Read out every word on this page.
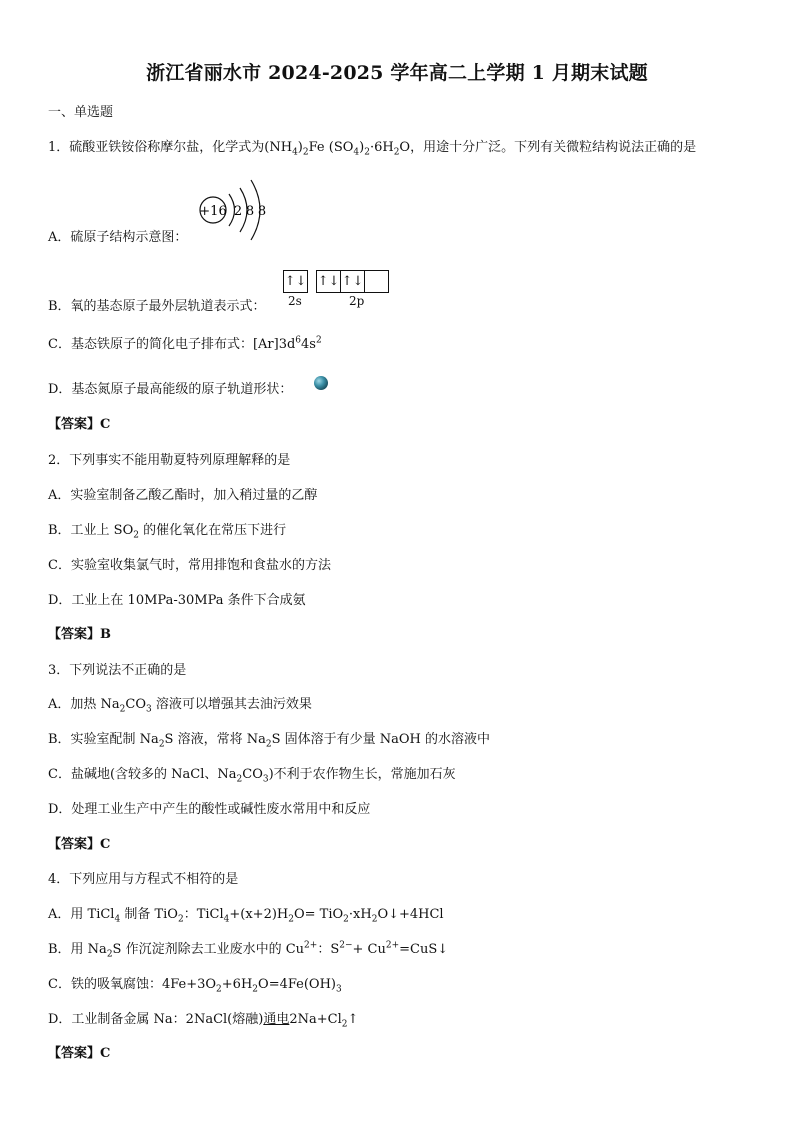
浙江省丽水市 2024-2025 学年高二上学期 1 月期末试题
一、单选题
1．硫酸亚铁铵俗称摩尔盐，化学式为$(NH_4)_2Fe$ $(SO_4)_2\cdot 6H_2O$，用途十分广泛。下列有关微粒结构说法正确的是
+16 2 8 8
A．硫原子结构示意图：
↑↓ ↑↓ ↑↓
2s	2p
B．氧的基态原子最外层轨道表示式：
C．基态铁原子的简化电子排布式：$[Ar]3d^64s^2$
D．基态氮原子最高能级的原子轨道形状：
【答案】C
2．下列事实不能用勒夏特列原理解释的是
A．实验室制备乙酸乙酯时，加入稍过量的乙醇
B．工业上 $SO_2$ 的催化氧化在常压下进行
C．实验室收集氯气时，常用排饱和食盐水的方法
D．工业上在 10MPa-30MPa 条件下合成氨
【答案】B
3．下列说法不正确的是
A．加热 $Na_2CO_3$ 溶液可以增强其去油污效果
B．实验室配制 $Na_2S$ 溶液，常将 $Na_2S$ 固体溶于有少量 NaOH 的水溶液中
C．盐碱地(含较多的 NaCl、$Na_2CO_3$)不利于农作物生长，常施加石灰
D．处理工业生产中产生的酸性或碱性废水常用中和反应
【答案】C
4．下列应用与方程式不相符的是
A．用 TiCl$_4$ 制备 TiO$_2$：$TiCl_4+(x+2)H_2O=$ $TiO_2\cdot xH_2O↓+4HCl$
B．用 $Na_2S$ 作沉淀剂除去工业废水中的 $Cu^{2+}$：$S^{2-}+$ $Cu^{2+}=CuS↓$
C．铁的吸氧腐蚀：$4Fe+3O_2+6H_2O=4Fe(OH)_3$
D．工业制备金属 Na：2NaCl(熔融)通电$2Na+Cl_2↑$
【答案】C
